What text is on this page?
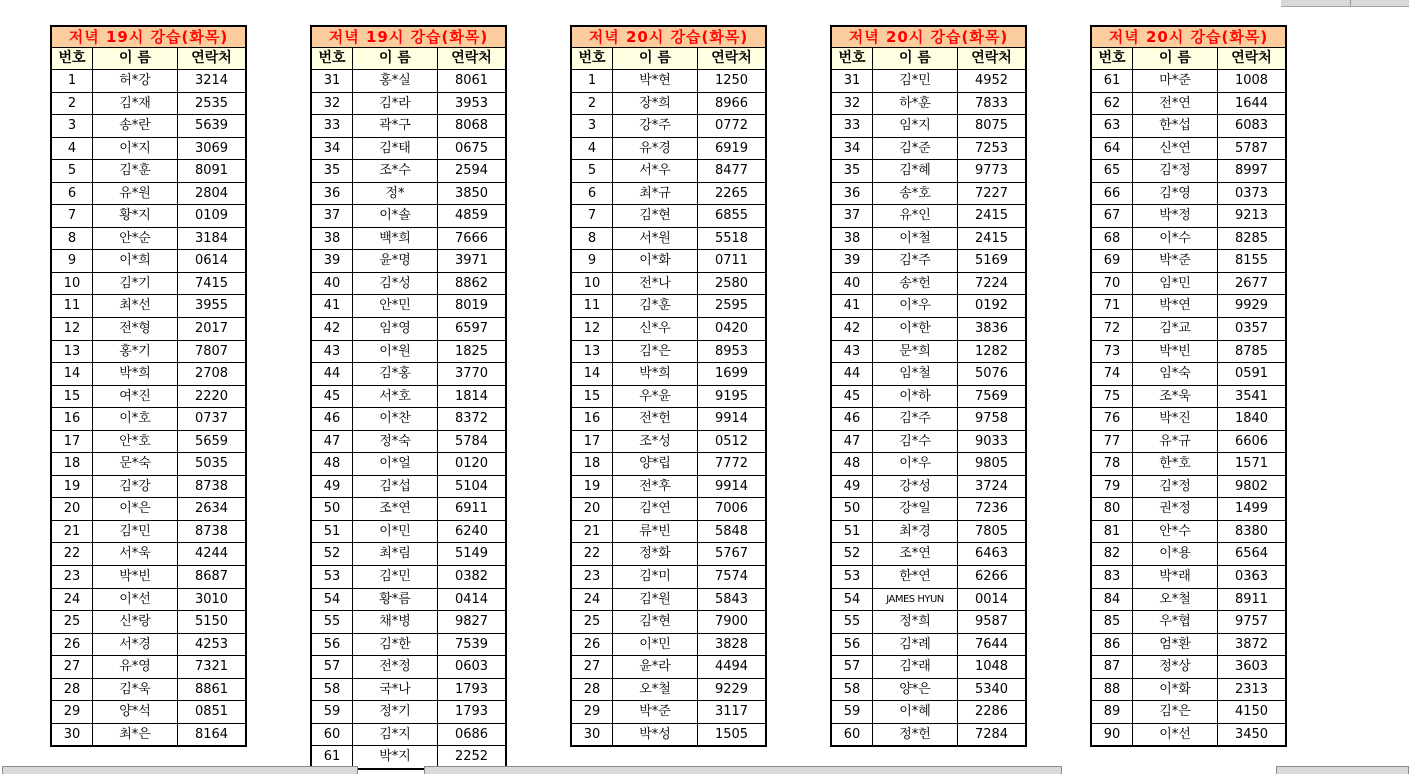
저녁 19시 강습(화목)
번호	이 름	연락처
1	허*강	3214
2	김*재	2535
3	송*란	5639
4	이*지	3069
5	김*훈	8091
6	유*원	2804
7	황*지	0109
8	안*순	3184
9	이*희	0614
10	김*기	7415
11	최*선	3955
12	전*형	2017
13	홍*기	7807
14	박*희	2708
15	여*진	2220
16	이*호	0737
17	안*호	5659
18	문*숙	5035
19	김*강	8738
20	이*은	2634
21	김*민	8738
22	서*욱	4244
23	박*빈	8687
24	이*선	3010
25	신*랑	5150
26	서*경	4253
27	유*영	7321
28	김*욱	8861
29	양*석	0851
30	최*은	8164
저녁 19시 강습(화목)
번호	이 름	연락처
31	홍*실	8061
32	김*라	3953
33	곽*구	8068
34	김*태	0675
35	조*수	2594
36	정*	3850
37	이*솔	4859
38	백*희	7666
39	윤*명	3971
40	김*성	8862
41	안*민	8019
42	임*영	6597
43	이*원	1825
44	김*홍	3770
45	서*호	1814
46	이*찬	8372
47	정*숙	5784
48	이*얼	0120
49	김*섭	5104
50	조*연	6911
51	이*민	6240
52	최*림	5149
53	김*민	0382
54	황*름	0414
55	채*병	9827
56	김*한	7539
57	전*정	0603
58	국*나	1793
59	정*기	1793
60	김*지	0686
61	박*지	2252
저녁 20시 강습(화목)
번호	이 름	연락처
1	박*현	1250
2	장*희	8966
3	강*주	0772
4	유*경	6919
5	서*우	8477
6	최*규	2265
7	김*현	6855
8	서*원	5518
9	이*화	0711
10	전*나	2580
11	김*훈	2595
12	신*우	0420
13	김*은	8953
14	박*희	1699
15	우*윤	9195
16	전*헌	9914
17	조*성	0512
18	양*립	7772
19	전*후	9914
20	김*연	7006
21	류*빈	5848
22	정*화	5767
23	김*미	7574
24	김*원	5843
25	김*현	7900
26	이*민	3828
27	윤*라	4494
28	오*철	9229
29	박*준	3117
30	박*성	1505
저녁 20시 강습(화목)
번호	이 름	연락처
31	김*민	4952
32	하*훈	7833
33	임*지	8075
34	김*준	7253
35	김*혜	9773
36	송*호	7227
37	유*인	2415
38	이*철	2415
39	김*주	5169
40	송*헌	7224
41	이*우	0192
42	이*한	3836
43	문*희	1282
44	임*철	5076
45	이*하	7569
46	김*주	9758
47	김*수	9033
48	이*우	9805
49	강*성	3724
50	강*일	7236
51	최*경	7805
52	조*연	6463
53	한*연	6266
54	JAMES HYUN	0014
55	정*희	9587
56	김*례	7644
57	김*래	1048
58	양*은	5340
59	이*혜	2286
60	정*헌	7284
저녁 20시 강습(화목)
번호	이 름	연락처
61	마*준	1008
62	전*연	1644
63	한*섭	6083
64	신*연	5787
65	김*정	8997
66	김*영	0373
67	박*정	9213
68	이*수	8285
69	박*준	8155
70	임*민	2677
71	박*연	9929
72	김*교	0357
73	박*빈	8785
74	임*숙	0591
75	조*욱	3541
76	박*진	1840
77	유*규	6606
78	한*호	1571
79	김*정	9802
80	권*정	1499
81	안*수	8380
82	이*용	6564
83	박*래	0363
84	오*철	8911
85	우*협	9757
86	엄*환	3872
87	정*상	3603
88	이*화	2313
89	김*은	4150
90	이*선	3450
